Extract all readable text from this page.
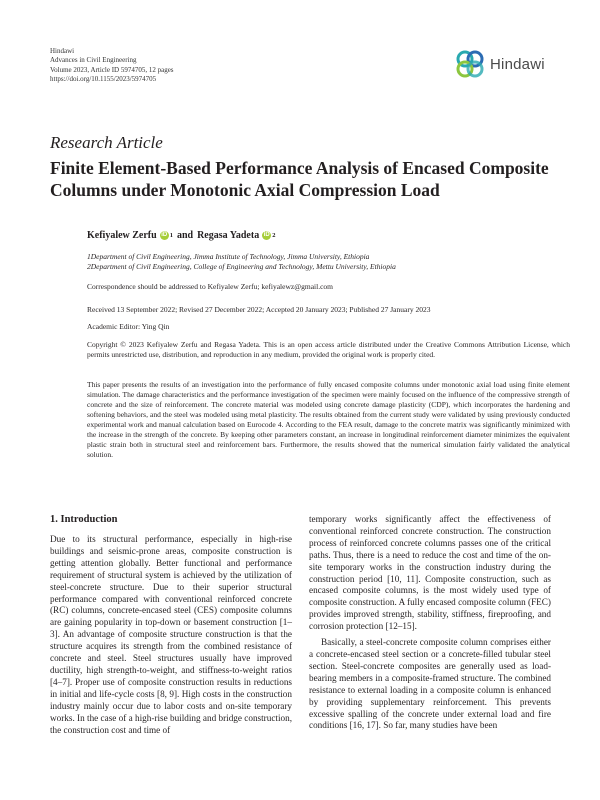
Hindawi
Advances in Civil Engineering
Volume 2023, Article ID 5974705, 12 pages
https://doi.org/10.1155/2023/5974705
Hindawi
Research Article
Finite Element-Based Performance Analysis of Encased Composite Columns under Monotonic Axial Compression Load
Kefiyalew Zerfu iD 1 and Regasa Yadeta iD 2
1Department of Civil Engineering, Jimma Institute of Technology, Jimma University, Ethiopia
2Department of Civil Engineering, College of Engineering and Technology, Mettu University, Ethiopia
Correspondence should be addressed to Kefiyalew Zerfu; kefiyalewz@gmail.com
Received 13 September 2022; Revised 27 December 2022; Accepted 20 January 2023; Published 27 January 2023
Academic Editor: Ying Qin
Copyright © 2023 Kefiyalew Zerfu and Regasa Yadeta. This is an open access article distributed under the Creative Commons Attribution License, which permits unrestricted use, distribution, and reproduction in any medium, provided the original work is properly cited.
This paper presents the results of an investigation into the performance of fully encased composite columns under monotonic axial load using finite element simulation. The damage characteristics and the performance investigation of the specimen were mainly focused on the influence of the compressive strength of concrete and the size of reinforcement. The concrete material was modeled using concrete damage plasticity (CDP), which incorporates the hardening and softening behaviors, and the steel was modeled using metal plasticity. The results obtained from the current study were validated by using previously conducted experimental work and manual calculation based on Eurocode 4. According to the FEA result, damage to the concrete matrix was significantly minimized with the increase in the strength of the concrete. By keeping other parameters constant, an increase in longitudinal reinforcement diameter minimizes the equivalent plastic strain both in structural steel and reinforcement bars. Furthermore, the results showed that the numerical simulation fairly validated the analytical solution.
1. Introduction

Due to its structural performance, especially in high-rise buildings and seismic-prone areas, composite construction is getting attention globally. Better functional and performance requirement of structural system is achieved by the utilization of steel-concrete structure. Due to their superior structural performance compared with conventional reinforced concrete (RC) columns, concrete-encased steel (CES) composite columns are gaining popularity in top-down or basement construction [1–3]. An advantage of composite structure construction is that the structure acquires its strength from the combined resistance of concrete and steel. Steel structures usually have improved ductility, high strength-to-weight, and stiffness-to-weight ratios [4–7]. Proper use of composite construction results in reductions in initial and life-cycle costs [8, 9]. High costs in the construction industry mainly occur due to labor costs and on-site temporary works. In the case of a high-rise building and bridge construction, the construction cost and time of

temporary works significantly affect the effectiveness of conventional reinforced concrete construction. The construction process of reinforced concrete columns passes one of the critical paths. Thus, there is a need to reduce the cost and time of the on-site temporary works in the construction industry during the construction period [10, 11]. Composite construction, such as encased composite columns, is the most widely used type of composite construction. A fully encased composite column (FEC) provides improved strength, stability, stiffness, fireproofing, and corrosion protection [12–15].

Basically, a steel-concrete composite column comprises either a concrete-encased steel section or a concrete-filled tubular steel section. Steel-concrete composites are generally used as load-bearing members in a composite-framed structure. The combined resistance to external loading in a composite column is enhanced by providing supplementary reinforcement. This prevents excessive spalling of the concrete under external load and fire conditions [16, 17]. So far, many studies have been
